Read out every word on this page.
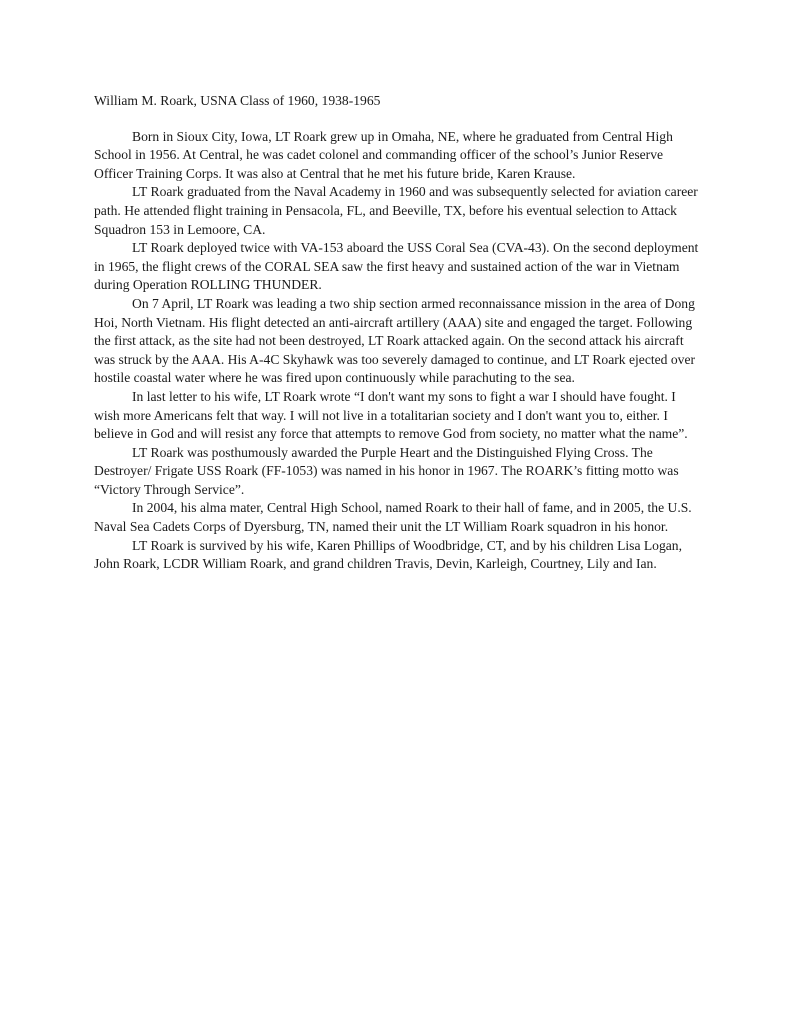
William M. Roark, USNA Class of 1960, 1938-1965

Born in Sioux City, Iowa, LT Roark grew up in Omaha, NE, where he graduated from Central High School in 1956. At Central, he was cadet colonel and commanding officer of the school’s Junior Reserve Officer Training Corps. It was also at Central that he met his future bride, Karen Krause.

LT Roark graduated from the Naval Academy in 1960 and was subsequently selected for aviation career path. He attended flight training in Pensacola, FL, and Beeville, TX, before his eventual selection to Attack Squadron 153 in Lemoore, CA.

LT Roark deployed twice with VA-153 aboard the USS Coral Sea (CVA-43). On the second deployment in 1965, the flight crews of the CORAL SEA saw the first heavy and sustained action of the war in Vietnam during Operation ROLLING THUNDER.

On 7 April, LT Roark was leading a two ship section armed reconnaissance mission in the area of Dong Hoi, North Vietnam. His flight detected an anti-aircraft artillery (AAA) site and engaged the target. Following the first attack, as the site had not been destroyed, LT Roark attacked again. On the second attack his aircraft was struck by the AAA. His A-4C Skyhawk was too severely damaged to continue, and LT Roark ejected over hostile coastal water where he was fired upon continuously while parachuting to the sea.

In last letter to his wife, LT Roark wrote “I don't want my sons to fight a war I should have fought. I wish more Americans felt that way. I will not live in a totalitarian society and I don't want you to, either. I believe in God and will resist any force that attempts to remove God from society, no matter what the name”.

LT Roark was posthumously awarded the Purple Heart and the Distinguished Flying Cross. The Destroyer/ Frigate USS Roark (FF-1053) was named in his honor in 1967. The ROARK’s fitting motto was “Victory Through Service”.

In 2004, his alma mater, Central High School, named Roark to their hall of fame, and in 2005, the U.S. Naval Sea Cadets Corps of Dyersburg, TN, named their unit the LT William Roark squadron in his honor.

LT Roark is survived by his wife, Karen Phillips of Woodbridge, CT, and by his children Lisa Logan, John Roark, LCDR William Roark, and grand children Travis, Devin, Karleigh, Courtney, Lily and Ian.
